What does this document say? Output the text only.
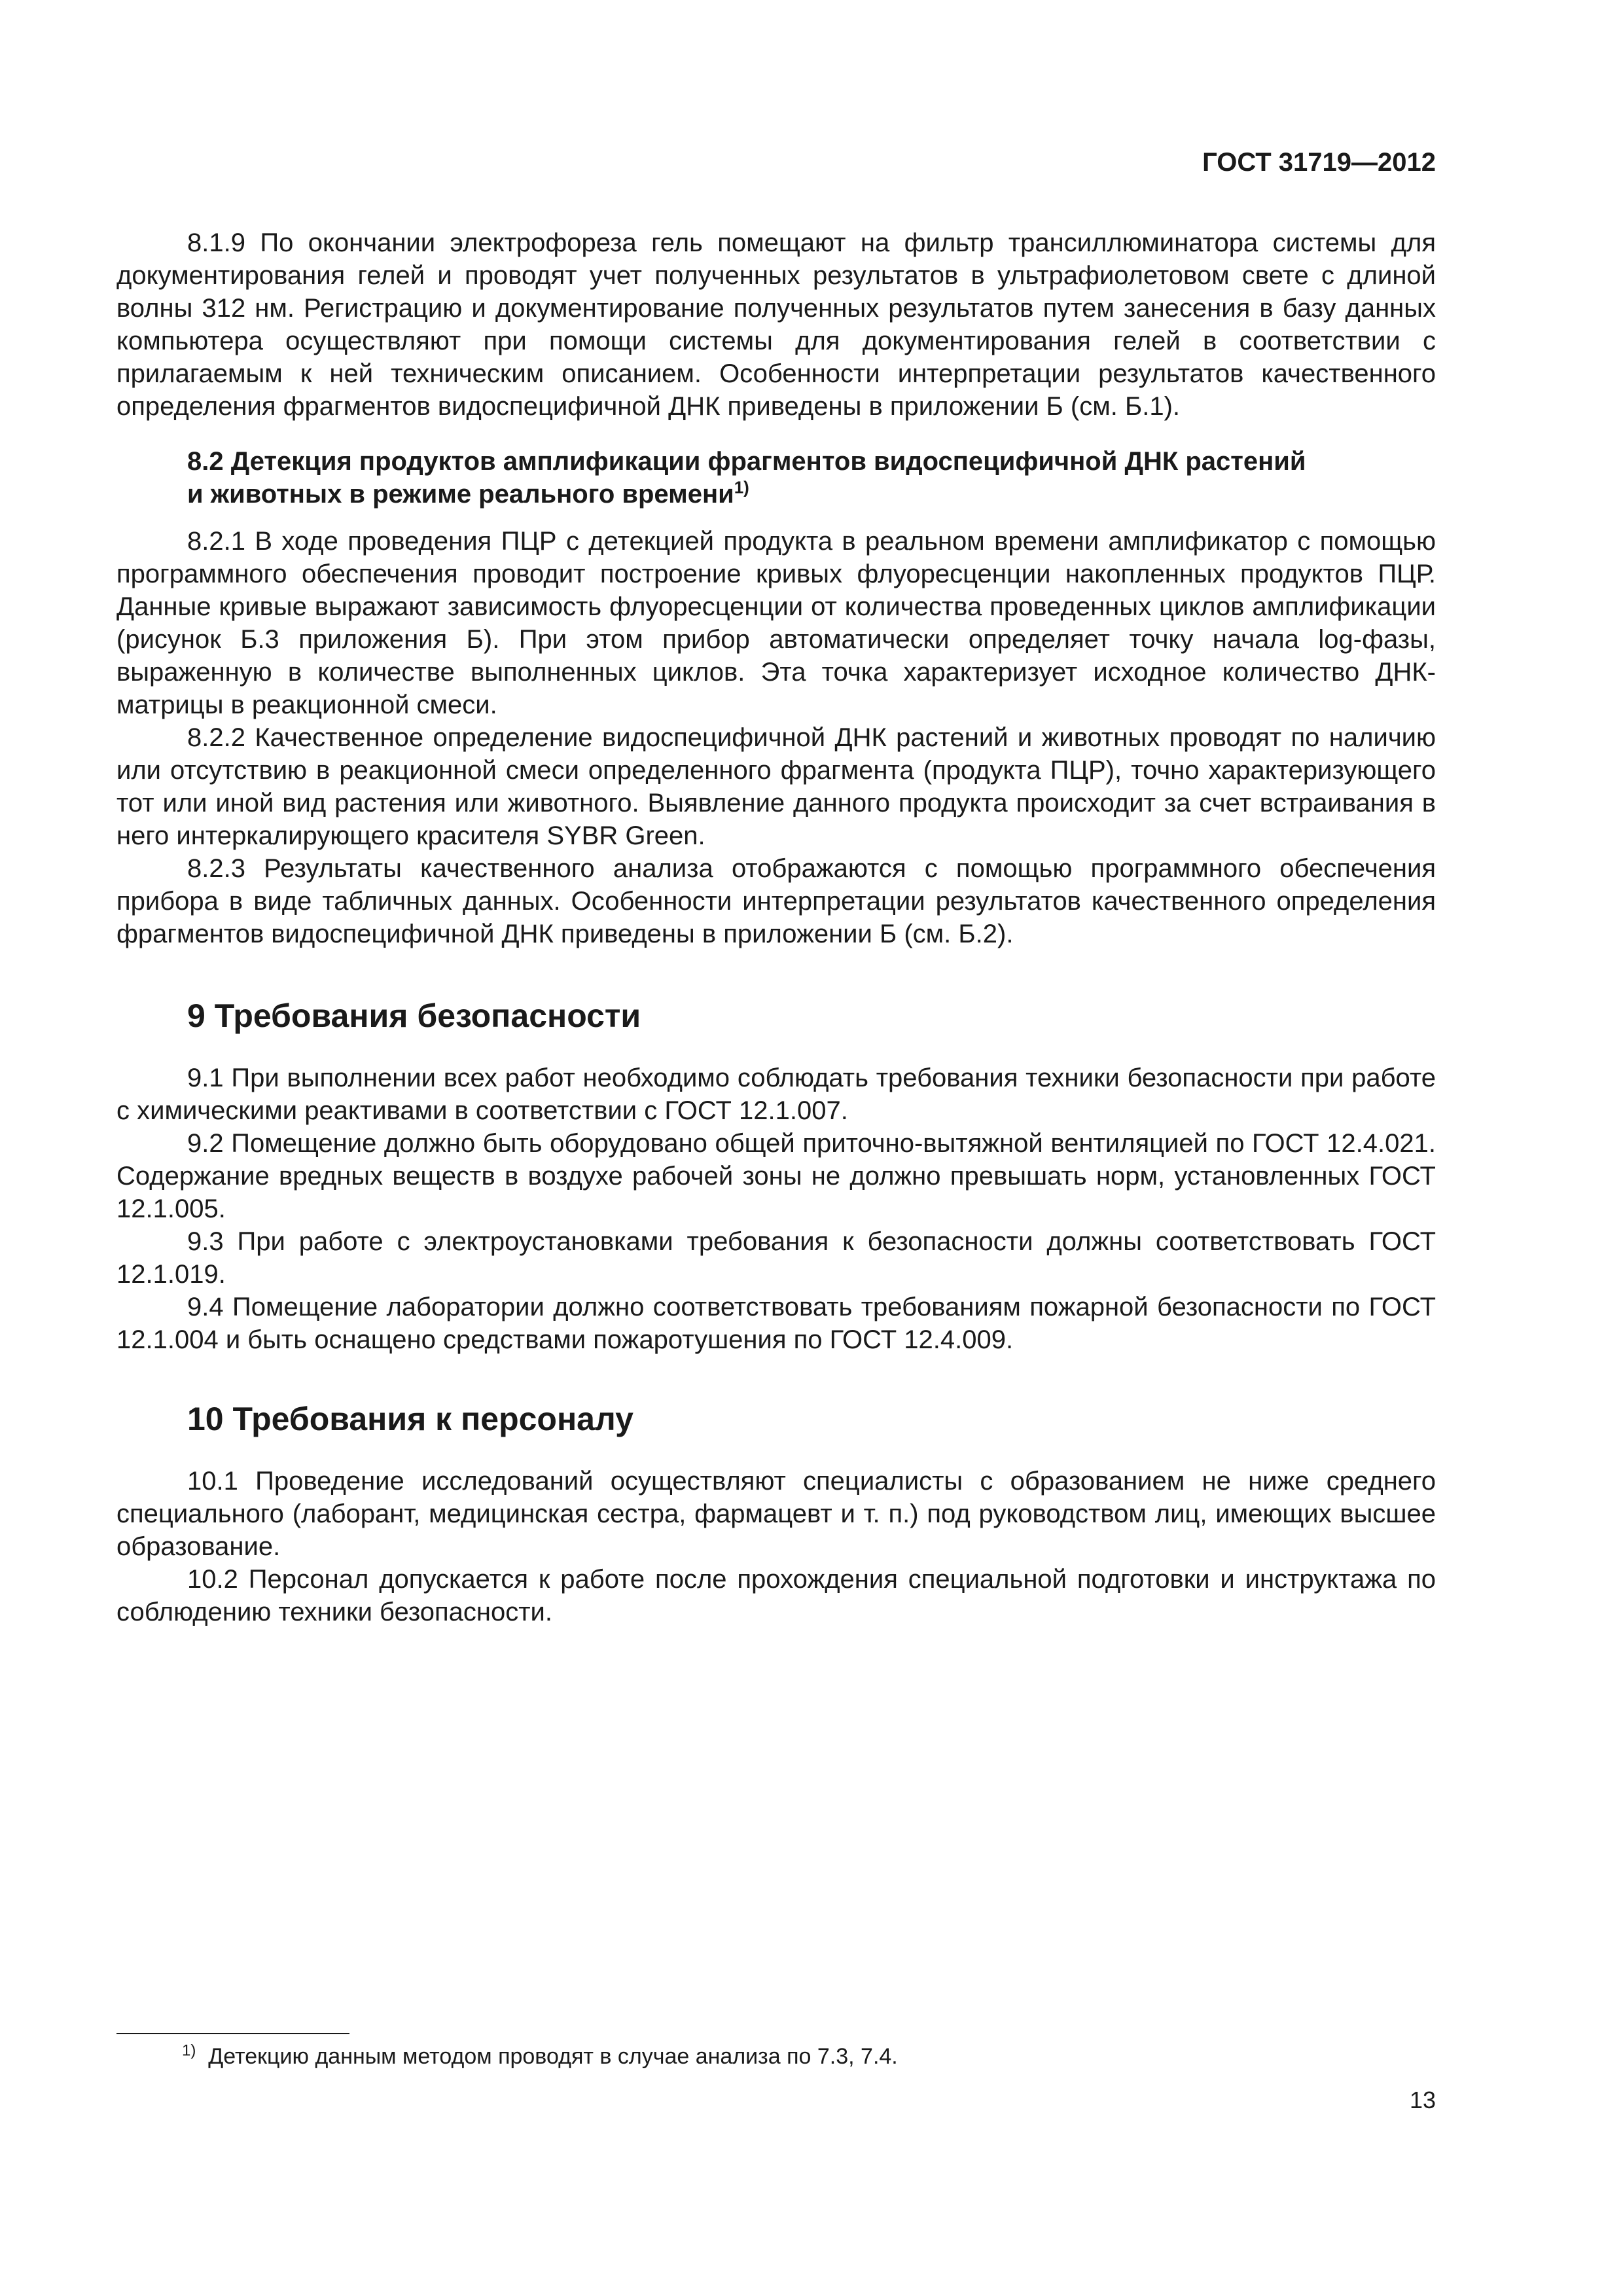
ГОСТ 31719—2012

8.1.9 По окончании электрофореза гель помещают на фильтр трансиллюминатора системы для документирования гелей и проводят учет полученных результатов в ультрафиолетовом свете с длиной волны 312 нм. Регистрацию и документирование полученных результатов путем занесения в базу данных компьютера осуществляют при помощи системы для документирования гелей в соответствии с прилагаемым к ней техническим описанием. Особенности интерпретации результатов качественного определения фрагментов видоспецифичной ДНК приведены в приложении Б (см. Б.1).

8.2 Детекция продуктов амплификации фрагментов видоспецифичной ДНК растений
и животных в режиме реального времени$^{1)}$

8.2.1 В ходе проведения ПЦР с детекцией продукта в реальном времени амплификатор с помощью программного обеспечения проводит построение кривых флуоресценции накопленных продуктов ПЦР. Данные кривые выражают зависимость флуоресценции от количества проведенных циклов амплификации (рисунок Б.3 приложения Б). При этом прибор автоматически определяет точку начала log-фазы, выраженную в количестве выполненных циклов. Эта точка характеризует исходное количество ДНК-матрицы в реакционной смеси.

8.2.2 Качественное определение видоспецифичной ДНК растений и животных проводят по наличию или отсутствию в реакционной смеси определенного фрагмента (продукта ПЦР), точно характеризующего тот или иной вид растения или животного. Выявление данного продукта происходит за счет встраивания в него интеркалирующего красителя SYBR Green.

8.2.3 Результаты качественного анализа отображаются с помощью программного обеспечения прибора в виде табличных данных. Особенности интерпретации результатов качественного определения фрагментов видоспецифичной ДНК приведены в приложении Б (см. Б.2).

9 Требования безопасности

9.1 При выполнении всех работ необходимо соблюдать требования техники безопасности при работе с химическими реактивами в соответствии с ГОСТ 12.1.007.

9.2 Помещение должно быть оборудовано общей приточно-вытяжной вентиляцией по ГОСТ 12.4.021. Содержание вредных веществ в воздухе рабочей зоны не должно превышать норм, установленных ГОСТ 12.1.005.

9.3 При работе с электроустановками требования к безопасности должны соответствовать ГОСТ 12.1.019.

9.4 Помещение лаборатории должно соответствовать требованиям пожарной безопасности по ГОСТ 12.1.004 и быть оснащено средствами пожаротушения по ГОСТ 12.4.009.

10 Требования к персоналу

10.1 Проведение исследований осуществляют специалисты с образованием не ниже среднего специального (лаборант, медицинская сестра, фармацевт и т. п.) под руководством лиц, имеющих высшее образование.

10.2 Персонал допускается к работе после прохождения специальной подготовки и инструктажа по соблюдению техники безопасности.

$^{1)}$ Детекцию данным методом проводят в случае анализа по 7.3, 7.4.
13
